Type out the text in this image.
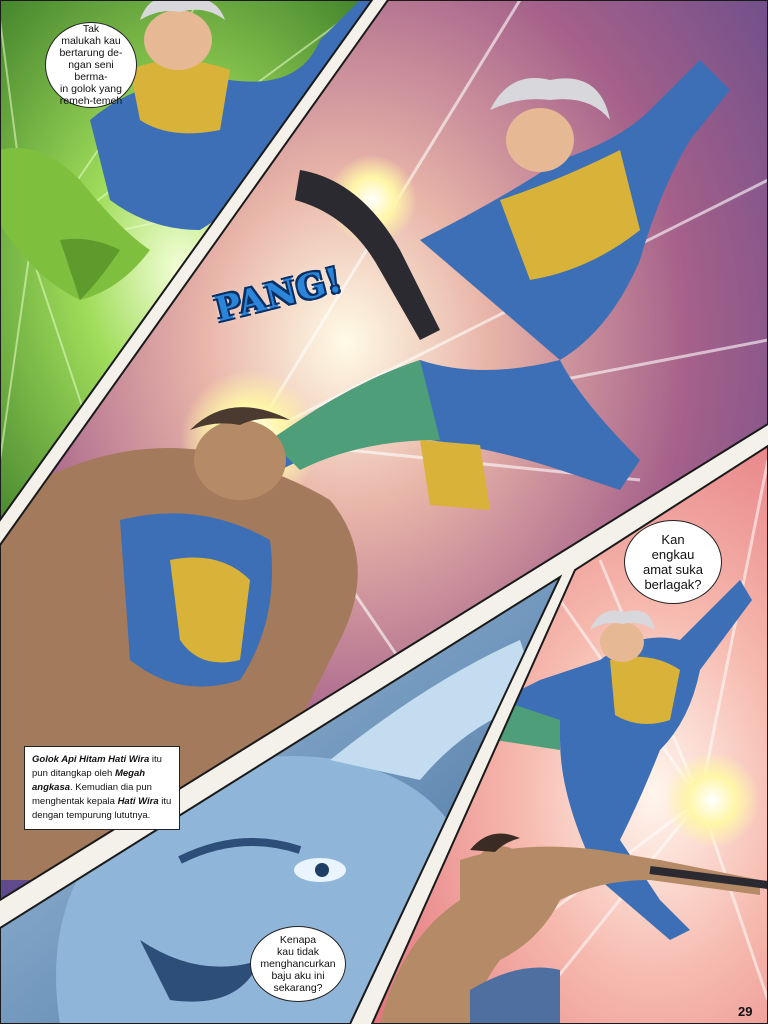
Tak
malukah kau
bertarung de-
ngan seni berma-
in golok yang
remeh-temeh
PANG!
Kan
engkau
amat suka
berlagak?
Golok Api Hitam Hati Wira itu pun ditangkap oleh Megah angkasa. Kemudian dia pun menghentak kepala Hati Wira itu dengan tempurung lututnya.
Kenapa
kau tidak
menghancurkan
baju aku ini
sekarang?
29
